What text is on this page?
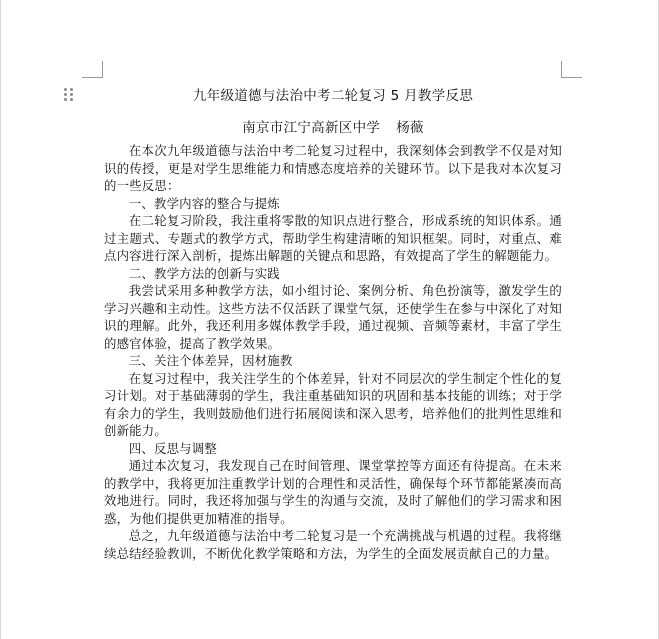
九年级道德与法治中考二轮复习 5 月教学反思

南京市江宁高新区中学 杨薇

在本次九年级道德与法治中考二轮复习过程中，我深刻体会到教学不仅是对知识的传授，更是对学生思维能力和情感态度培养的关键环节。以下是我对本次复习的一些反思：

一、教学内容的整合与提炼

在二轮复习阶段，我注重将零散的知识点进行整合，形成系统的知识体系。通过主题式、专题式的教学方式，帮助学生构建清晰的知识框架。同时，对重点、难点内容进行深入剖析，提炼出解题的关键点和思路，有效提高了学生的解题能力。

二、教学方法的创新与实践

我尝试采用多种教学方法，如小组讨论、案例分析、角色扮演等，激发学生的学习兴趣和主动性。这些方法不仅活跃了课堂气氛，还使学生在参与中深化了对知识的理解。此外，我还利用多媒体教学手段，通过视频、音频等素材，丰富了学生的感官体验，提高了教学效果。

三、关注个体差异，因材施教

在复习过程中，我关注学生的个体差异，针对不同层次的学生制定个性化的复习计划。对于基础薄弱的学生，我注重基础知识的巩固和基本技能的训练；对于学有余力的学生，我则鼓励他们进行拓展阅读和深入思考，培养他们的批判性思维和创新能力。

四、反思与调整

通过本次复习，我发现自己在时间管理、课堂掌控等方面还有待提高。在未来的教学中，我将更加注重教学计划的合理性和灵活性，确保每个环节都能紧凑而高效地进行。同时，我还将加强与学生的沟通与交流，及时了解他们的学习需求和困惑，为他们提供更加精准的指导。

总之，九年级道德与法治中考二轮复习是一个充满挑战与机遇的过程。我将继续总结经验教训，不断优化教学策略和方法，为学生的全面发展贡献自己的力量。
